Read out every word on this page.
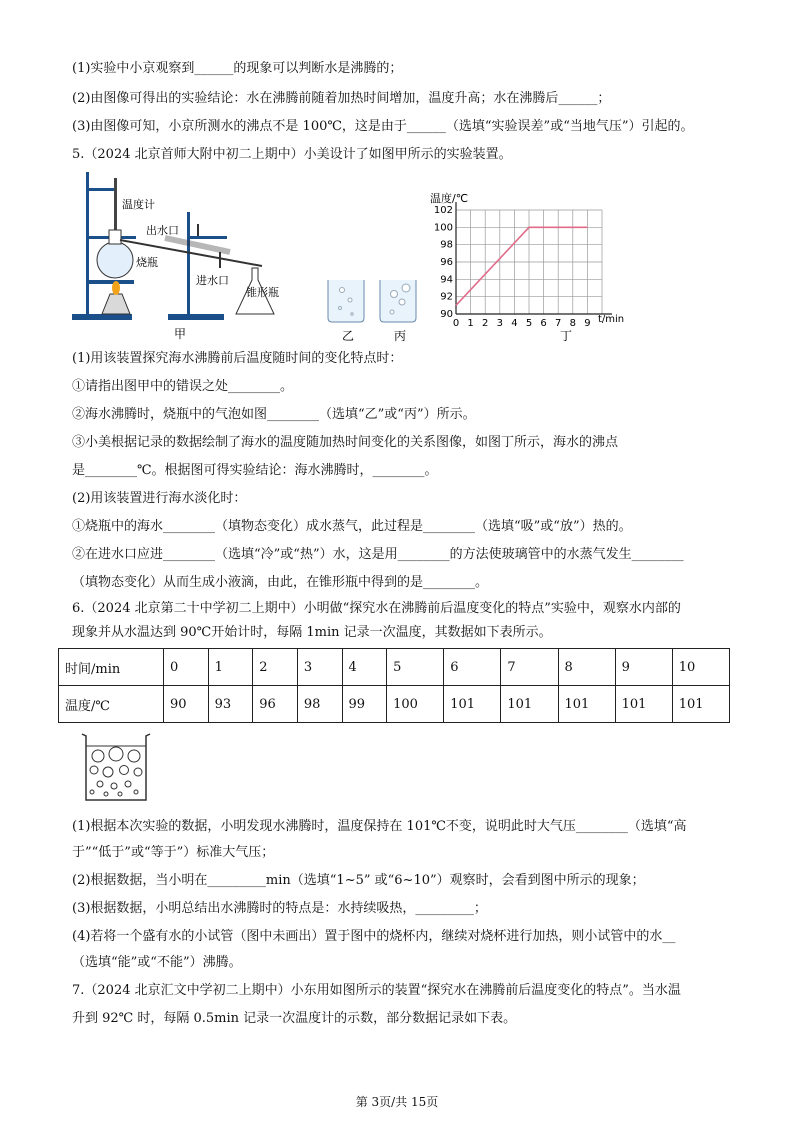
(1)实验中小京观察到______的现象可以判断水是沸腾的；
(2)由图像可得出的实验结论：水在沸腾前随着加热时间增加，温度升高；水在沸腾后______；
(3)由图像可知，小京所测水的沸点不是 100℃，这是由于______（选填“实验误差”或“当地气压”）引起的。
5.（2024 北京首师大附中初二上期中）小美设计了如图甲所示的实验装置。
温度计
出水口
烧瓶
进水口
锥形瓶
甲	乙	丙
温度/℃
0 1 2 3 4 5 6 7 8 9
90
92
94
96
98
100
102
t/min
丁
(1)用该装置探究海水沸腾前后温度随时间的变化特点时：
①请指出图甲中的错误之处________。
②海水沸腾时，烧瓶中的气泡如图________（选填“乙”或“丙”）所示。
③小美根据记录的数据绘制了海水的温度随加热时间变化的关系图像，如图丁所示，海水的沸点
是________℃。根据图可得实验结论：海水沸腾时，________。
(2)用该装置进行海水淡化时：
①烧瓶中的海水________（填物态变化）成水蒸气，此过程是________（选填“吸”或“放”）热的。
②在进水口应进________（选填“冷”或“热”）水，这是用________的方法使玻璃管中的水蒸气发生________
（填物态变化）从而生成小液滴，由此，在锥形瓶中得到的是________。
6.（2024 北京第二十中学初二上期中）小明做“探究水在沸腾前后温度变化的特点”实验中，观察水内部的
现象并从水温达到 90℃开始计时，每隔 1min 记录一次温度，其数据如下表所示。
时间/min	0	1	2	3	4	5	6	7	8	9	10
温度/℃	90	93	96	98	99	100	101	101	101	101	101
(1)根据本次实验的数据，小明发现水沸腾时，温度保持在 101℃不变，说明此时大气压________（选填“高
于”“低于”或“等于”）标准大气压；
(2)根据数据，当小明在_________min（选填“1~5” 或“6~10”）观察时，会看到图中所示的现象；
(3)根据数据，小明总结出水沸腾时的特点是：水持续吸热，_________；
(4)若将一个盛有水的小试管（图中未画出）置于图中的烧杯内，继续对烧杯进行加热，则小试管中的水__
（选填“能”或“不能”）沸腾。
7.（2024 北京汇文中学初二上期中）小东用如图所示的装置“探究水在沸腾前后温度变化的特点”。当水温
升到 92℃ 时，每隔 0.5min 记录一次温度计的示数，部分数据记录如下表。
第 3页/共 15页
